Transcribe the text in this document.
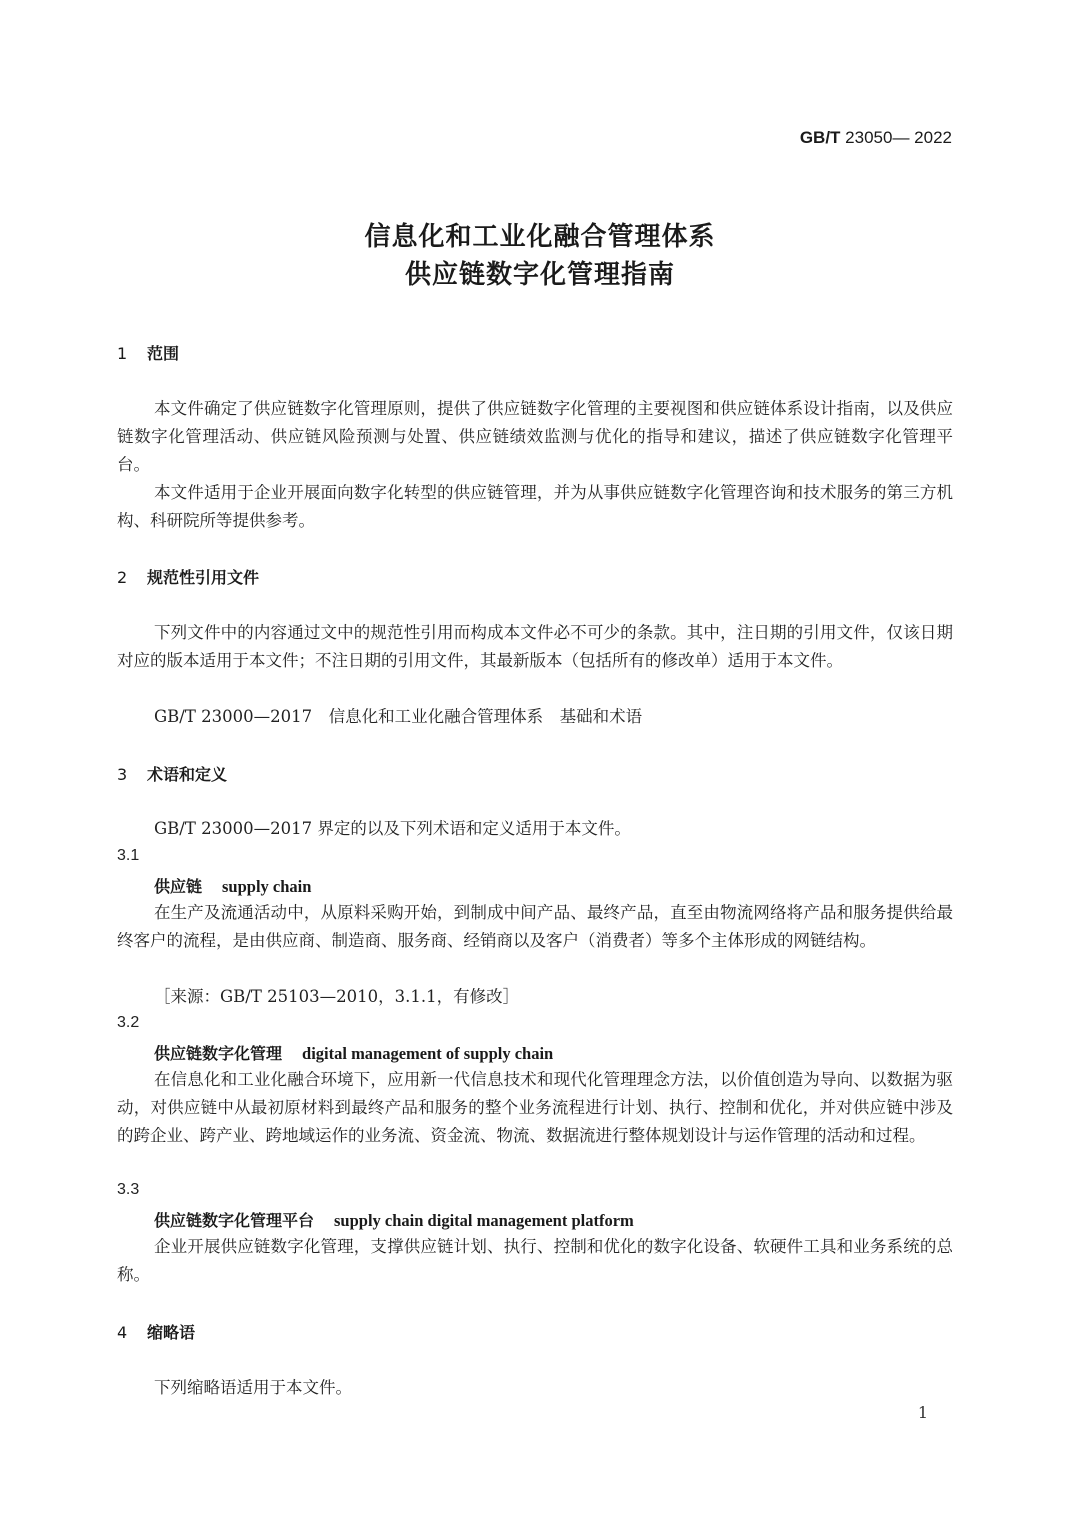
GB/T 23050— 2022
信息化和工业化融合管理体系
供应链数字化管理指南
1 范围
本文件确定了供应链数字化管理原则，提供了供应链数字化管理的主要视图和供应链体系设计指南，以及供应链数字化管理活动、供应链风险预测与处置、供应链绩效监测与优化的指导和建议，描述了供应链数字化管理平台。
本文件适用于企业开展面向数字化转型的供应链管理，并为从事供应链数字化管理咨询和技术服务的第三方机构、科研院所等提供参考。
2 规范性引用文件
下列文件中的内容通过文中的规范性引用而构成本文件必不可少的条款。其中，注日期的引用文件，仅该日期对应的版本适用于本文件；不注日期的引用文件，其最新版本（包括所有的修改单）适用于本文件。
GB/T 23000—2017　信息化和工业化融合管理体系　基础和术语
3 术语和定义
GB/T 23000—2017 界定的以及下列术语和定义适用于本文件。
3.1
供应链 supply chain
在生产及流通活动中，从原料采购开始，到制成中间产品、最终产品，直至由物流网络将产品和服务提供给最终客户的流程，是由供应商、制造商、服务商、经销商以及客户（消费者）等多个主体形成的网链结构。
［来源：GB/T 25103—2010，3.1.1，有修改］
3.2
供应链数字化管理 digital management of supply chain
在信息化和工业化融合环境下，应用新一代信息技术和现代化管理理念方法，以价值创造为导向、以数据为驱动，对供应链中从最初原材料到最终产品和服务的整个业务流程进行计划、执行、控制和优化，并对供应链中涉及的跨企业、跨产业、跨地域运作的业务流、资金流、物流、数据流进行整体规划设计与运作管理的活动和过程。
3.3
供应链数字化管理平台 supply chain digital management platform
企业开展供应链数字化管理，支撑供应链计划、执行、控制和优化的数字化设备、软硬件工具和业务系统的总称。
4 缩略语
下列缩略语适用于本文件。
1
